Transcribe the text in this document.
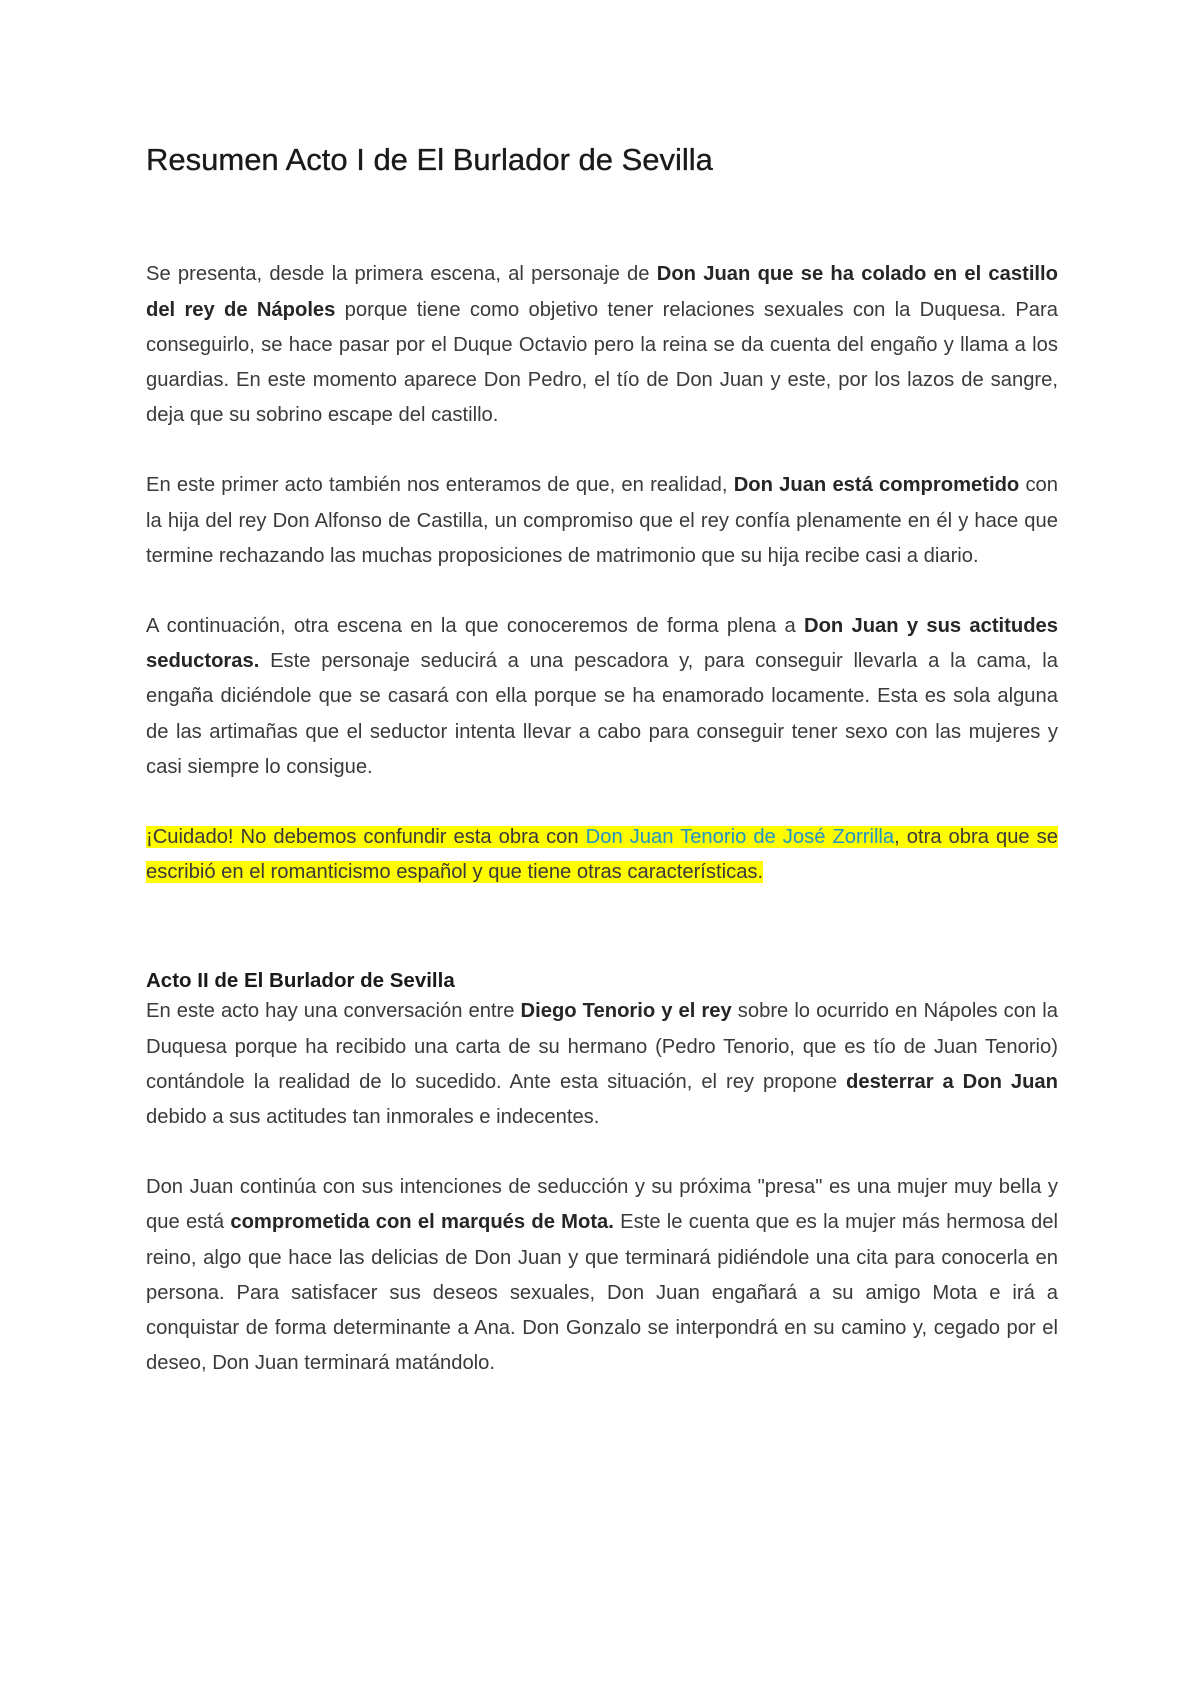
Resumen Acto I de El Burlador de Sevilla

Se presenta, desde la primera escena, al personaje de Don Juan que se ha colado en el castillo del rey de Nápoles porque tiene como objetivo tener relaciones sexuales con la Duquesa. Para conseguirlo, se hace pasar por el Duque Octavio pero la reina se da cuenta del engaño y llama a los guardias. En este momento aparece Don Pedro, el tío de Don Juan y este, por los lazos de sangre, deja que su sobrino escape del castillo.

En este primer acto también nos enteramos de que, en realidad, Don Juan está comprometido con la hija del rey Don Alfonso de Castilla, un compromiso que el rey confía plenamente en él y hace que termine rechazando las muchas proposiciones de matrimonio que su hija recibe casi a diario.

A continuación, otra escena en la que conoceremos de forma plena a Don Juan y sus actitudes seductoras. Este personaje seducirá a una pescadora y, para conseguir llevarla a la cama, la engaña diciéndole que se casará con ella porque se ha enamorado locamente. Esta es sola alguna de las artimañas que el seductor intenta llevar a cabo para conseguir tener sexo con las mujeres y casi siempre lo consigue.

¡Cuidado! No debemos confundir esta obra con Don Juan Tenorio de José Zorrilla, otra obra que se escribió en el romanticismo español y que tiene otras características.

Acto II de El Burlador de Sevilla

En este acto hay una conversación entre Diego Tenorio y el rey sobre lo ocurrido en Nápoles con la Duquesa porque ha recibido una carta de su hermano (Pedro Tenorio, que es tío de Juan Tenorio) contándole la realidad de lo sucedido. Ante esta situación, el rey propone desterrar a Don Juan debido a sus actitudes tan inmorales e indecentes.

Don Juan continúa con sus intenciones de seducción y su próxima "presa" es una mujer muy bella y que está comprometida con el marqués de Mota. Este le cuenta que es la mujer más hermosa del reino, algo que hace las delicias de Don Juan y que terminará pidiéndole una cita para conocerla en persona. Para satisfacer sus deseos sexuales, Don Juan engañará a su amigo Mota e irá a conquistar de forma determinante a Ana. Don Gonzalo se interpondrá en su camino y, cegado por el deseo, Don Juan terminará matándolo.
